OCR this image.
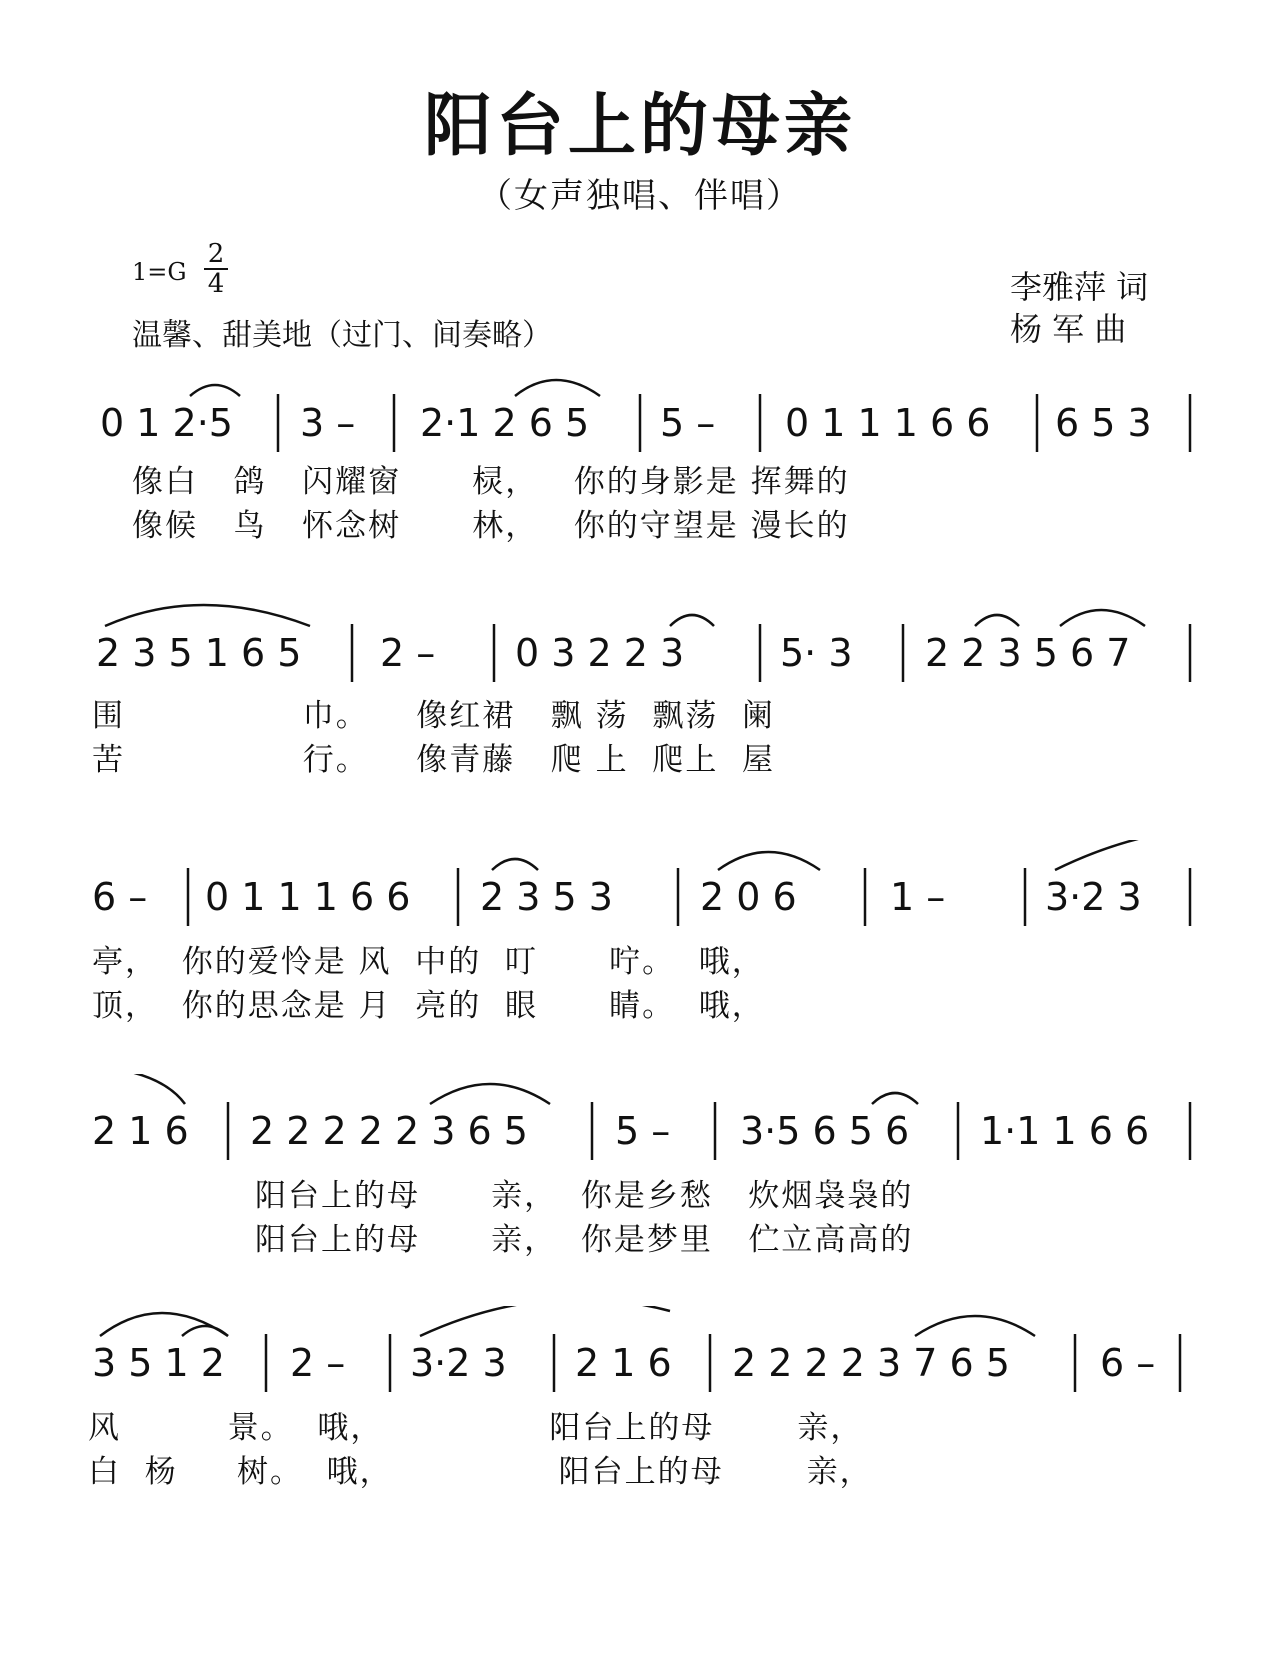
阳台上的母亲
（女声独唱、伴唱）
1=G
2
4
温馨、甜美地（过门、间奏略）
李雅萍 词
杨 军 曲
0 1 2·5 3 – 2·1 2 6 5 5 – 0 1 1 1 6 6 6 5 3
像白   鸽   闪耀窗      棂，   你的身影是 挥舞的
像候   鸟   怀念树      林，   你的守望是 漫长的
2 3 5 1 6 5 2 – 0 3 2 2 3	5· 3 2 2 3 5 6 7
围               巾。    像红裙   飘 荡  飘荡  阑
苦               行。    像青藤   爬 上  爬上  屋
6 – 0 1 1 1 6 6 2 3 5 3 2 0 6 1 –	3·2 3
亭，  你的爱怜是 风  中的  叮      咛。  哦，
顶，  你的思念是 月  亮的  眼      睛。  哦，
2 1 6 2 2 2 2 2 3 6 5 5 – 3·5 6 5 6 1·1 1 6 6
阳台上的母      亲，  你是乡愁   炊烟袅袅的
阳台上的母      亲，  你是梦里   伫立高高的
3 5 1 2 2 – 3·2 3 2 1 6 2 2 2 2 3 7 6 5 6 –
风         景。  哦，              阳台上的母       亲，
白  杨     树。  哦，              阳台上的母       亲，
